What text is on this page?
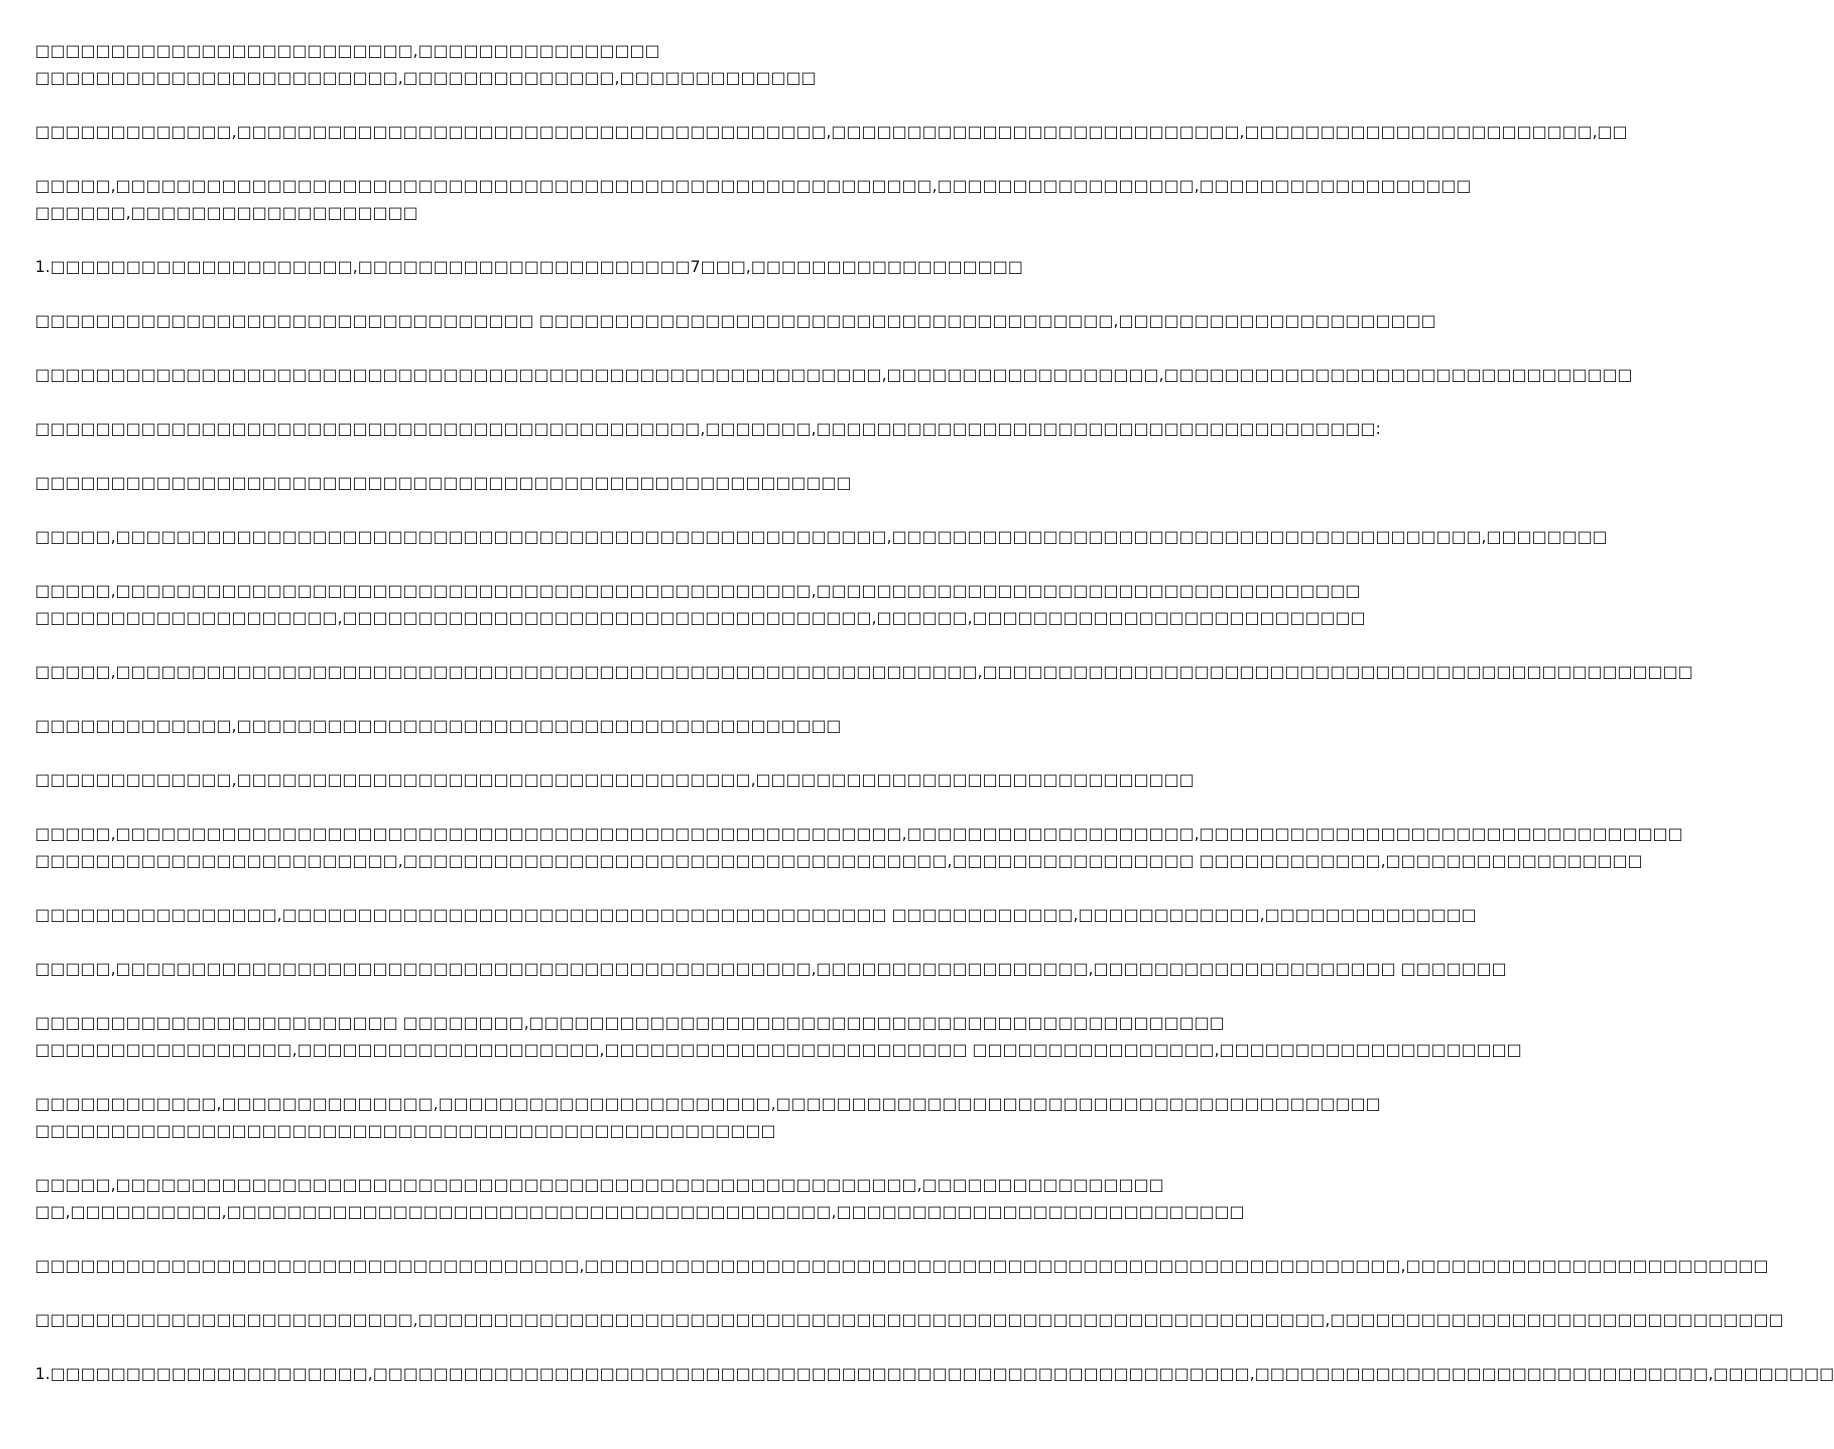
□□□□□□□□□□□□□□□□□□□□□□□□□,□□□□□□□□□□□□□□□□
□□□□□□□□□□□□□□□□□□□□□□□□,□□□□□□□□□□□□□□,□□□□□□□□□□□□□

□□□□□□□□□□□□□,□□□□□□□□□□□□□□□□□□□□□□□□□□□□□□□□□□□□□□□,□□□□□□□□□□□□□□□□□□□□□□□□□□□,□□□□□□□□□□□□□□□□□□□□□□□,□□

□□□□□,□□□□□□□□□□□□□□□□□□□□□□□□□□□□□□□□□□□□□□□□□□□□□□□□□□□□□□,□□□□□□□□□□□□□□□□□,□□□□□□□□□□□□□□□□□□
□□□□□□,□□□□□□□□□□□□□□□□□□□

1.□□□□□□□□□□□□□□□□□□□□,□□□□□□□□□□□□□□□□□□□□□□7□□□,□□□□□□□□□□□□□□□□□□

□□□□□□□□□□□□□□□□□□□□□□□□□□□□□□□□□ □□□□□□□□□□□□□□□□□□□□□□□□□□□□□□□□□□□□□□,□□□□□□□□□□□□□□□□□□□□□

□□□□□□□□□□□□□□□□□□□□□□□□□□□□□□□□□□□□□□□□□□□□□□□□□□□□□□□□,□□□□□□□□□□□□□□□□□□,□□□□□□□□□□□□□□□□□□□□□□□□□□□□□□□

□□□□□□□□□□□□□□□□□□□□□□□□□□□□□□□□□□□□□□□□□□□□,□□□□□□□,□□□□□□□□□□□□□□□□□□□□□□□□□□□□□□□□□□□□□:

□□□□□□□□□□□□□□□□□□□□□□□□□□□□□□□□□□□□□□□□□□□□□□□□□□□□□□

□□□□□,□□□□□□□□□□□□□□□□□□□□□□□□□□□□□□□□□□□□□□□□□□□□□□□□□□□,□□□□□□□□□□□□□□□□□□□□□□□□□□□□□□□□□□□□□□□,□□□□□□□□

□□□□□,□□□□□□□□□□□□□□□□□□□□□□□□□□□□□□□□□□□□□□□□□□□□□□,□□□□□□□□□□□□□□□□□□□□□□□□□□□□□□□□□□□□
□□□□□□□□□□□□□□□□□□□□,□□□□□□□□□□□□□□□□□□□□□□□□□□□□□□□□□□□,□□□□□□,□□□□□□□□□□□□□□□□□□□□□□□□□□

□□□□□,□□□□□□□□□□□□□□□□□□□□□□□□□□□□□□□□□□□□□□□□□□□□□□□□□□□□□□□□□,□□□□□□□□□□□□□□□□□□□□□□□□□□□□□□□□□□□□□□□□□□□□□□□

□□□□□□□□□□□□□,□□□□□□□□□□□□□□□□□□□□□□□□□□□□□□□□□□□□□□□□

□□□□□□□□□□□□□,□□□□□□□□□□□□□□□□□□□□□□□□□□□□□□□□□□,□□□□□□□□□□□□□□□□□□□□□□□□□□□□□

□□□□□,□□□□□□□□□□□□□□□□□□□□□□□□□□□□□□□□□□□□□□□□□□□□□□□□□□□□,□□□□□□□□□□□□□□□□□□□,□□□□□□□□□□□□□□□□□□□□□□□□□□□□□□□□
□□□□□□□□□□□□□□□□□□□□□□□□,□□□□□□□□□□□□□□□□□□□□□□□□□□□□□□□□□□□□,□□□□□□□□□□□□□□□□ □□□□□□□□□□□□,□□□□□□□□□□□□□□□□□

□□□□□□□□□□□□□□□□,□□□□□□□□□□□□□□□□□□□□□□□□□□□□□□□□□□□□□□□□ □□□□□□□□□□□□,□□□□□□□□□□□□,□□□□□□□□□□□□□□

□□□□□,□□□□□□□□□□□□□□□□□□□□□□□□□□□□□□□□□□□□□□□□□□□□□□,□□□□□□□□□□□□□□□□□□,□□□□□□□□□□□□□□□□□□□□ □□□□□□□

□□□□□□□□□□□□□□□□□□□□□□□□ □□□□□□□□,□□□□□□□□□□□□□□□□□□□□□□□□□□□□□□□□□□□□□□□□□□□□□□
□□□□□□□□□□□□□□□□□,□□□□□□□□□□□□□□□□□□□□,□□□□□□□□□□□□□□□□□□□□□□□□ □□□□□□□□□□□□□□□□,□□□□□□□□□□□□□□□□□□□□

□□□□□□□□□□□□,□□□□□□□□□□□□□□,□□□□□□□□□□□□□□□□□□□□□□,□□□□□□□□□□□□□□□□□□□□□□□□□□□□□□□□□□□□□□□□
□□□□□□□□□□□□□□□□□□□□□□□□□□□□□□□□□□□□□□□□□□□□□□□□□

□□□□□,□□□□□□□□□□□□□□□□□□□□□□□□□□□□□□□□□□□□□□□□□□□□□□□□□□□□□,□□□□□□□□□□□□□□□□
□□,□□□□□□□□□□,□□□□□□□□□□□□□□□□□□□□□□□□□□□□□□□□□□□□□□□□,□□□□□□□□□□□□□□□□□□□□□□□□□□□

□□□□□□□□□□□□□□□□□□□□□□□□□□□□□□□□□□□□,□□□□□□□□□□□□□□□□□□□□□□□□□□□□□□□□□□□□□□□□□□□□□□□□□□□□□□,□□□□□□□□□□□□□□□□□□□□□□□□

□□□□□□□□□□□□□□□□□□□□□□□□□,□□□□□□□□□□□□□□□□□□□□□□□□□□□□□□□□□□□□□□□□□□□□□□□□□□□□□□□□□□□□,□□□□□□□□□□□□□□□□□□□□□□□□□□□□□□

1.□□□□□□□□□□□□□□□□□□□□□,□□□□□□□□□□□□□□□□□□□□□□□□□□□□□□□□□□□□□□□□□□□□□□□□□□□□□□□□□□,□□□□□□□□□□□□□□□□□□□□□□□□□□□□□□,□□□□□□□□
